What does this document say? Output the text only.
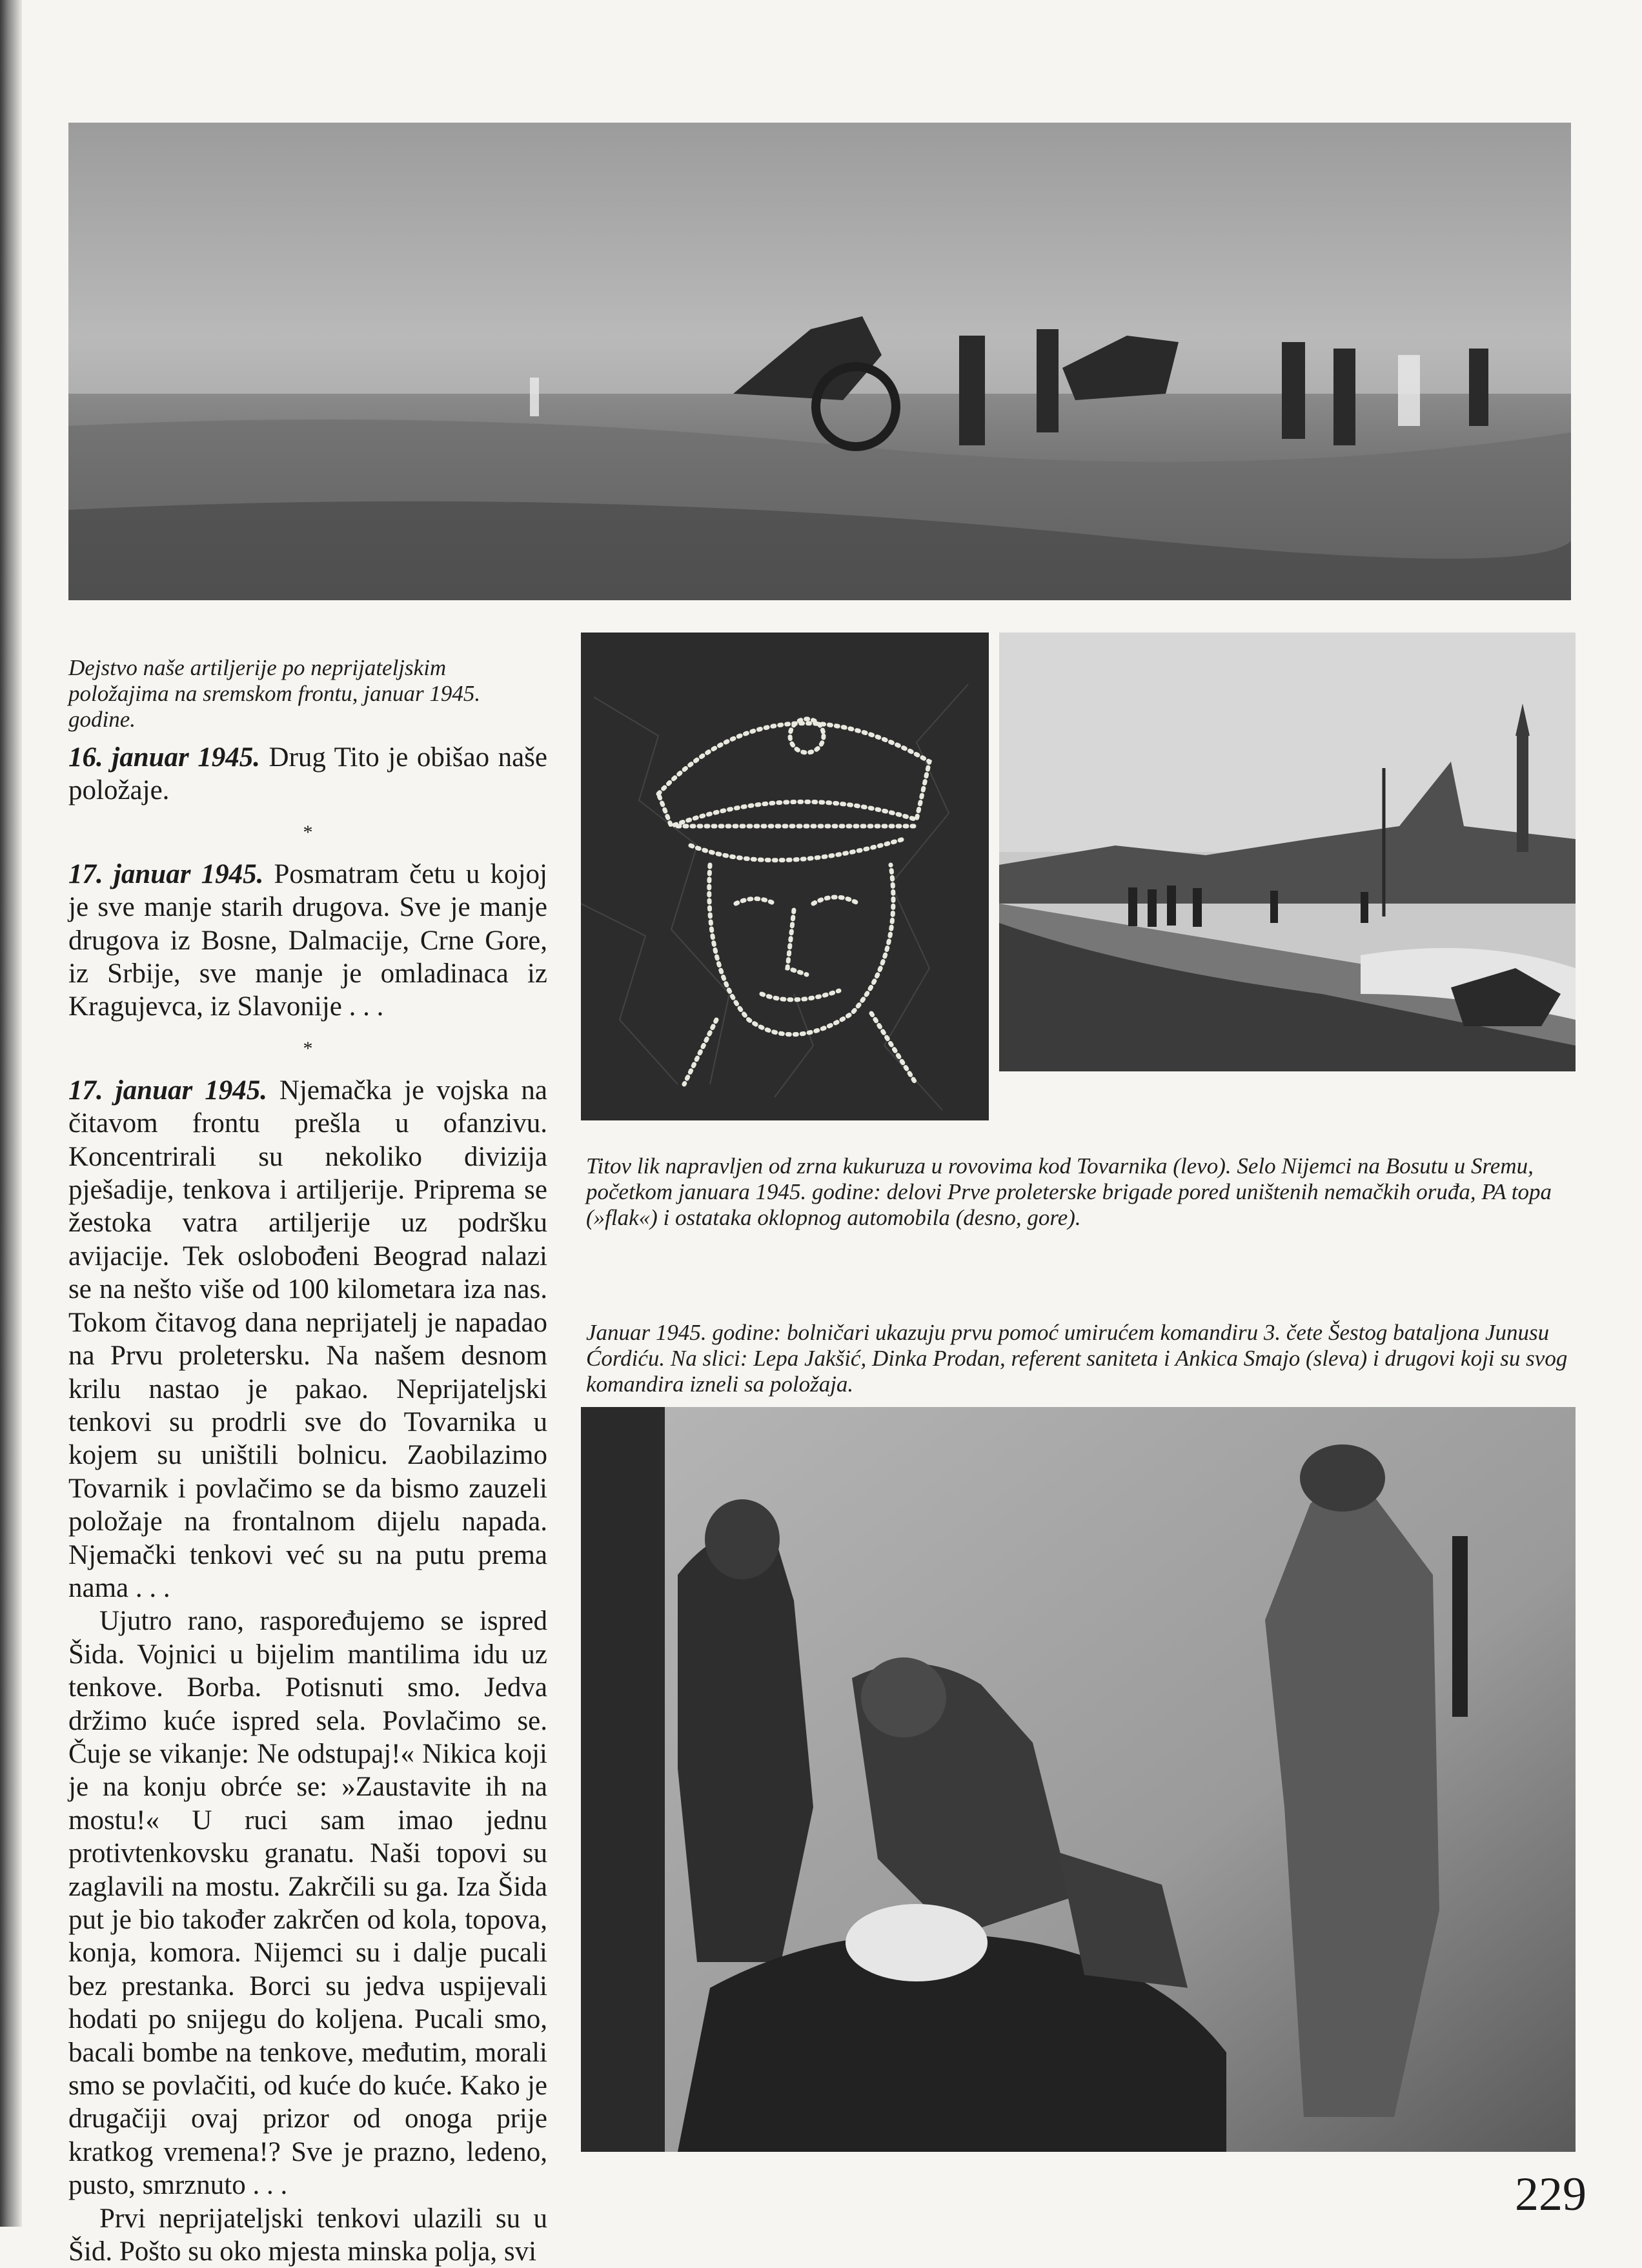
Dejstvo naše artiljerije po neprijateljskim položajima na sremskom frontu, januar 1945. godine.

Titov lik napravljen od zrna kukuruza u rovovima kod Tovarnika (levo). Selo Nijemci na Bosutu u Sremu, početkom januara 1945. godine: delovi Prve proleterske brigade pored uništenih nemačkih oruđa, PA topa (»flak«) i ostataka oklopnog automobila (desno, gore).

Januar 1945. godine: bolničari ukazuju prvu pomoć umirućem komandiru 3. čete Šestog bataljona Junusu Ćordiću. Na slici: Lepa Jakšić, Dinka Prodan, referent saniteta i Ankica Smajo (sleva) i drugovi koji su svog komandira izneli sa položaja.

16. januar 1945. Drug Tito je obišao naše položaje.

*

17. januar 1945. Posmatram četu u kojoj je sve manje starih drugova. Sve je manje drugova iz Bosne, Dalmacije, Crne Gore, iz Srbije, sve manje je omladinaca iz Kragujevca, iz Slavonije . . .

*

17. januar 1945. Njemačka je vojska na čitavom frontu prešla u ofanzivu. Koncentrirali su nekoliko divizija pješadije, tenkova i artiljerije. Priprema se žestoka vatra artiljerije uz podršku avijacije. Tek oslobođeni Beograd nalazi se na nešto više od 100 kilometara iza nas. Tokom čitavog dana neprijatelj je napadao na Prvu proletersku. Na našem desnom krilu nastao je pakao. Neprijateljski tenkovi su prodrli sve do Tovarnika u kojem su uništili bolnicu. Zaobilazimo Tovarnik i povlačimo se da bismo zauzeli položaje na frontalnom dijelu napada. Njemački tenkovi već su na putu prema nama . . .

Ujutro rano, raspoređujemo se ispred Šida. Vojnici u bijelim mantilima idu uz tenkove. Borba. Potisnuti smo. Jedva držimo kuće ispred sela. Povlačimo se. Čuje se vikanje: Ne odstupaj!« Nikica koji je na konju obrće se: »Zaustavite ih na mostu!« U ruci sam imao jednu protivtenkovsku granatu. Naši topovi su zaglavili na mostu. Zakrčili su ga. Iza Šida put je bio također zakrčen od kola, topova, konja, komora. Nijemci su i dalje pucali bez prestanka. Borci su jedva uspijevali hodati po snijegu do koljena. Pucali smo, bacali bombe na tenkove, međutim, morali smo se povlačiti, od kuće do kuće. Kako je drugačiji ovaj prizor od onoga prije kratkog vremena!? Sve je prazno, ledeno, pusto, smrznuto . . .

Prvi neprijateljski tenkovi ulazili su u Šid. Pošto su oko mjesta minska polja, svi

229
